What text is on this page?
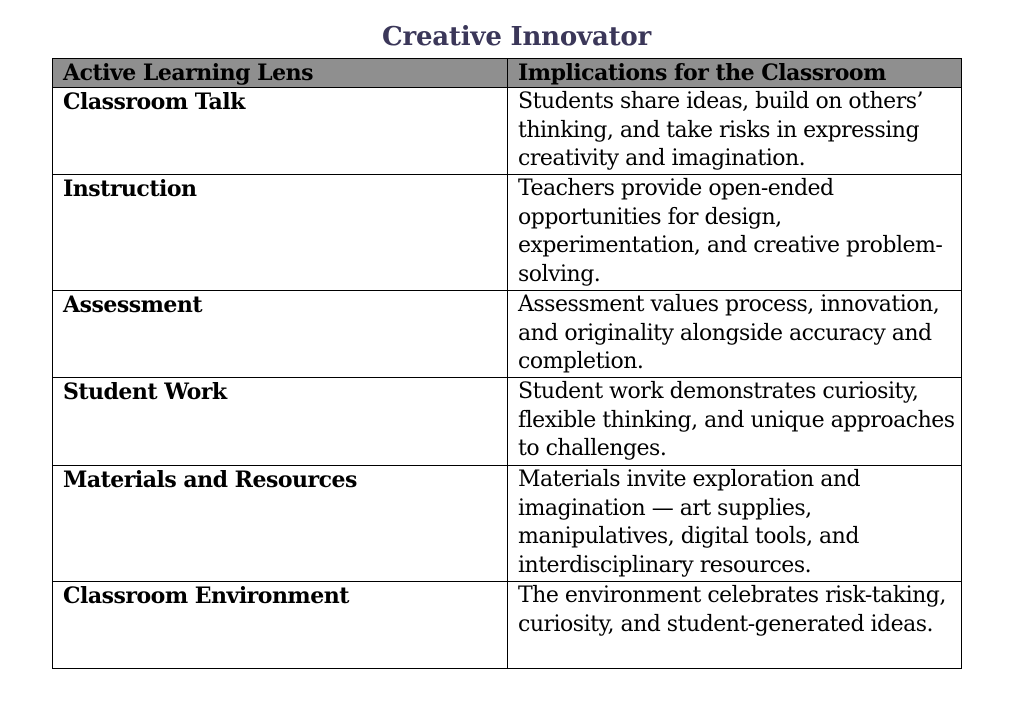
Creative Innovator
Active Learning Lens	Implications for the Classroom
Classroom Talk	Students share ideas, build on others’ thinking, and take risks in expressing creativity and imagination.
Instruction	Teachers provide open-ended opportunities for design, experimentation, and creative problem-solving.
Assessment	Assessment values process, innovation, and originality alongside accuracy and completion.
Student Work	Student work demonstrates curiosity, flexible thinking, and unique approaches to challenges.
Materials and Resources	Materials invite exploration and imagination — art supplies, manipulatives, digital tools, and interdisciplinary resources.
Classroom Environment	The environment celebrates risk-taking, curiosity, and student-generated ideas.
